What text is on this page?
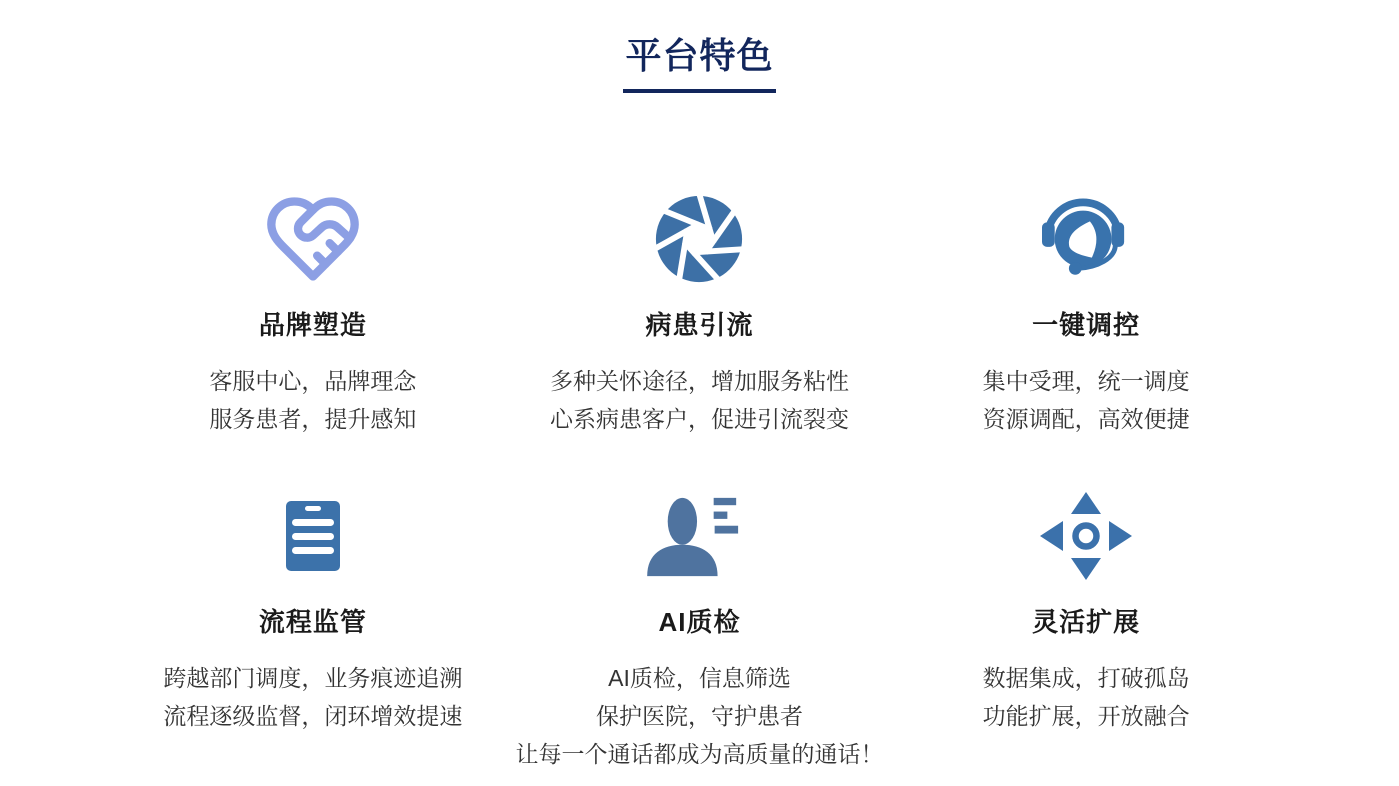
平台特色
品牌塑造

客服中心，品牌理念

服务患者，提升感知

病患引流

多种关怀途径，增加服务粘性

心系病患客户，促进引流裂变

一键调控

集中受理，统一调度

资源调配，高效便捷

流程监管

跨越部门调度，业务痕迹追溯

流程逐级监督，闭环增效提速

AI质检

AI质检，信息筛选

保护医院，守护患者

让每一个通话都成为高质量的通话！

灵活扩展

数据集成，打破孤岛

功能扩展，开放融合
